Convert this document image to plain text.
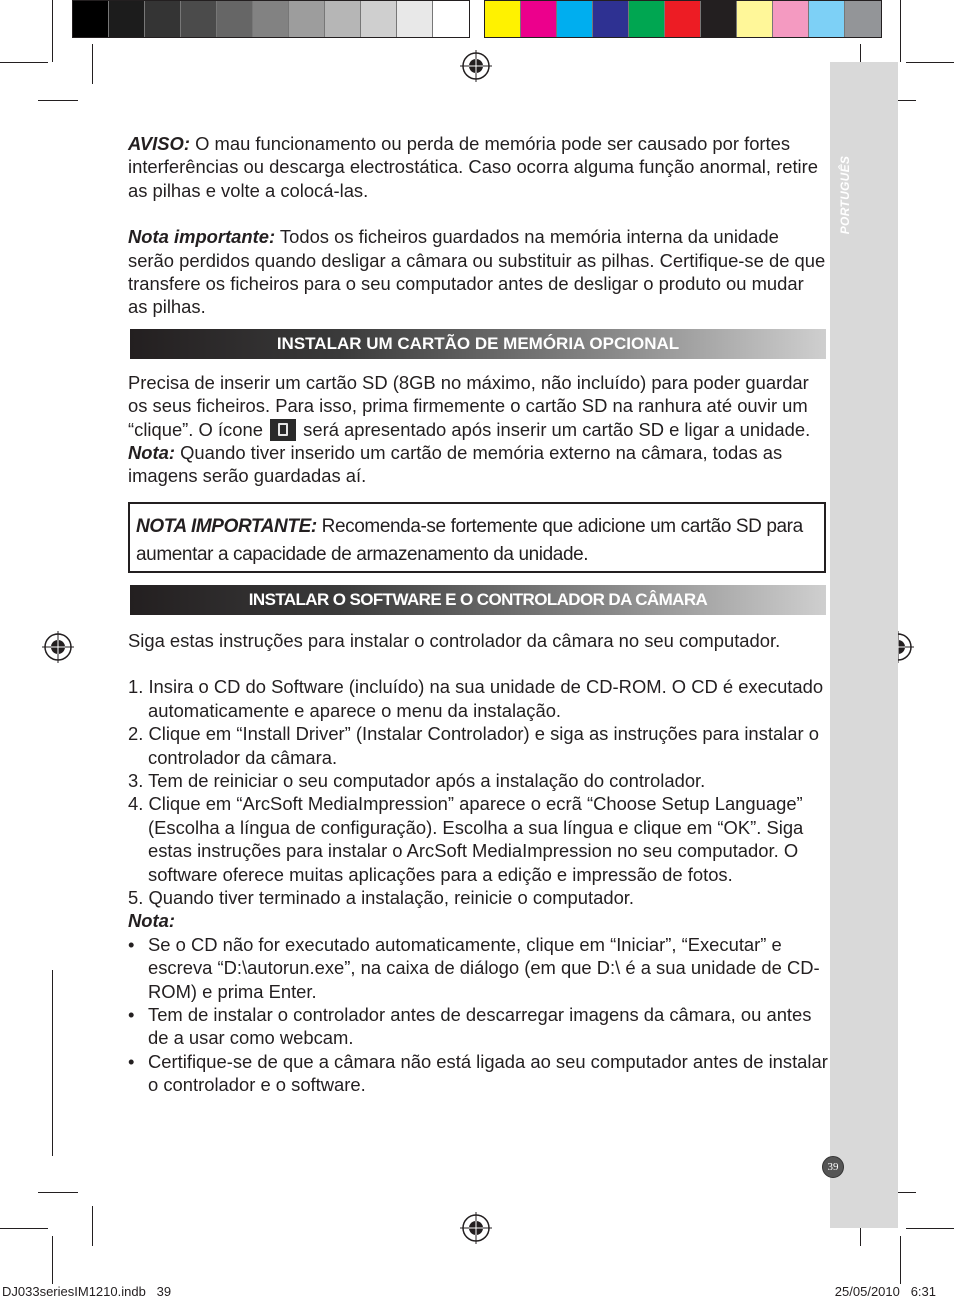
PORTUGUÊS

AVISO: O mau funcionamento ou perda de memória pode ser causado por fortes interferências ou descarga electrostática. Caso ocorra alguma função anormal, retire as pilhas e volte a colocá-las.

Nota importante: Todos os ficheiros guardados na memória interna da unidade serão perdidos quando desligar a câmara ou substituir as pilhas. Certifique-se de que transfere os ficheiros para o seu computador antes de desligar o produto ou mudar as pilhas.

INSTALAR UM CARTÃO DE MEMÓRIA OPCIONAL

Precisa de inserir um cartão SD (8GB no máximo, não incluído) para poder guardar os seus ficheiros. Para isso, prima firmemente o cartão SD na ranhura até ouvir um “clique”. O ícone  será apresentado após inserir um cartão SD e ligar a unidade.

Nota: Quando tiver inserido um cartão de memória externo na câmara, todas as imagens serão guardadas aí.

NOTA IMPORTANTE: Recomenda-se fortemente que adicione um cartão SD para aumentar a capacidade de armazenamento da unidade.
INSTALAR O SOFTWARE E O CONTROLADOR DA CÂMARA

Siga estas instruções para instalar o controlador da câmara no seu computador.

1. Insira o CD do Software (incluído) na sua unidade de CD-ROM. O CD é executado automaticamente e aparece o menu da instalação.
2. Clique em “Install Driver” (Instalar Controlador) e siga as instruções para instalar o controlador da câmara.
3. Tem de reiniciar o seu computador após a instalação do controlador.
4. Clique em “ArcSoft MediaImpression” aparece o ecrã “Choose Setup Language” (Escolha a língua de configuração). Escolha a sua língua e clique em “OK”. Siga estas instruções para instalar o ArcSoft MediaImpression no seu computador. O software oferece muitas aplicações para a edição e impressão de fotos.
5. Quando tiver terminado a instalação, reinicie o computador.

Nota:

• Se o CD não for executado automaticamente, clique em “Iniciar”, “Executar” e escreva “D:\autorun.exe”, na caixa de diálogo (em que D:\ é a sua unidade de CD-ROM) e prima Enter.
• Tem de instalar o controlador antes de descarregar imagens da câmara, ou antes de a usar como webcam.
• Certifique-se de que a câmara não está ligada ao seu computador antes de instalar o controlador e o software.
39
DJ033seriesIM1210.indb   39	25/05/2010   6:31
